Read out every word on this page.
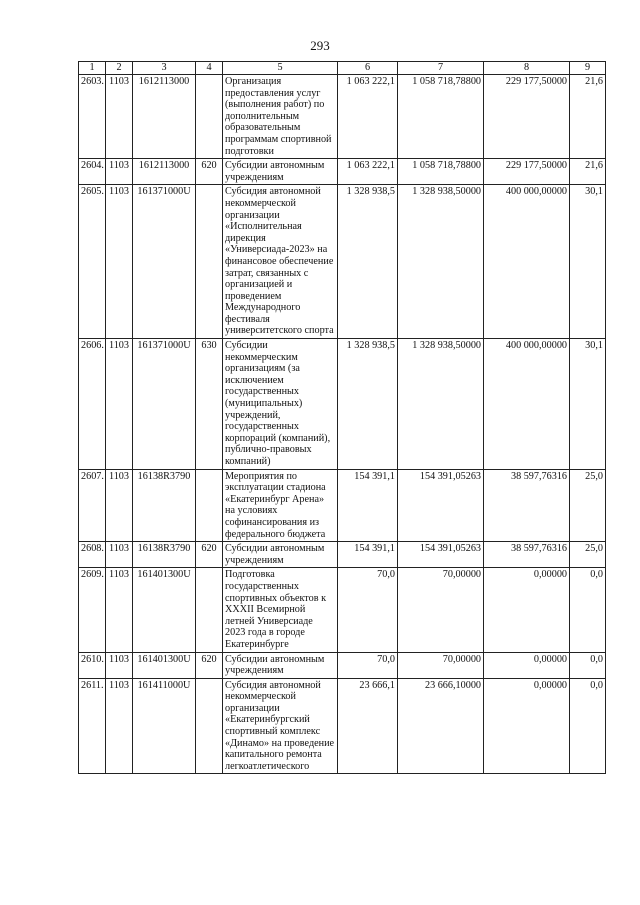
293
1	2	3	4	5	6	7	8	9
2603.	1103	1612113000		Организация предоставления услуг (выполнения работ) по дополнительным образовательным программам спортивной подготовки	1 063 222,1	1 058 718,78800	229 177,50000	21,6
2604.	1103	1612113000	620	Субсидии автономным учреждениям	1 063 222,1	1 058 718,78800	229 177,50000	21,6
2605.	1103	161371000U		Субсидия автономной некоммерческой организации «Исполнительная дирекция «Универсиада-2023» на финансовое обеспечение затрат, связанных с организацией и проведением Международного фестиваля университетского спорта	1 328 938,5	1 328 938,50000	400 000,00000	30,1
2606.	1103	161371000U	630	Субсидии некоммерческим организациям (за исключением государственных (муниципальных) учреждений, государственных корпораций (компаний), публично-правовых компаний)	1 328 938,5	1 328 938,50000	400 000,00000	30,1
2607.	1103	16138R3790		Мероприятия по эксплуатации стадиона «Екатеринбург Арена» на условиях софинансирования из федерального бюджета	154 391,1	154 391,05263	38 597,76316	25,0
2608.	1103	16138R3790	620	Субсидии автономным учреждениям	154 391,1	154 391,05263	38 597,76316	25,0
2609.	1103	161401300U		Подготовка государственных спортивных объектов к XXXII Всемирной летней Универсиаде 2023 года в городе Екатеринбурге	70,0	70,00000	0,00000	0,0
2610.	1103	161401300U	620	Субсидии автономным учреждениям	70,0	70,00000	0,00000	0,0
2611.	1103	161411000U		Субсидия автономной некоммерческой организации «Екатеринбургский спортивный комплекс «Динамо» на проведение капитального ремонта легкоатлетического	23 666,1	23 666,10000	0,00000	0,0
